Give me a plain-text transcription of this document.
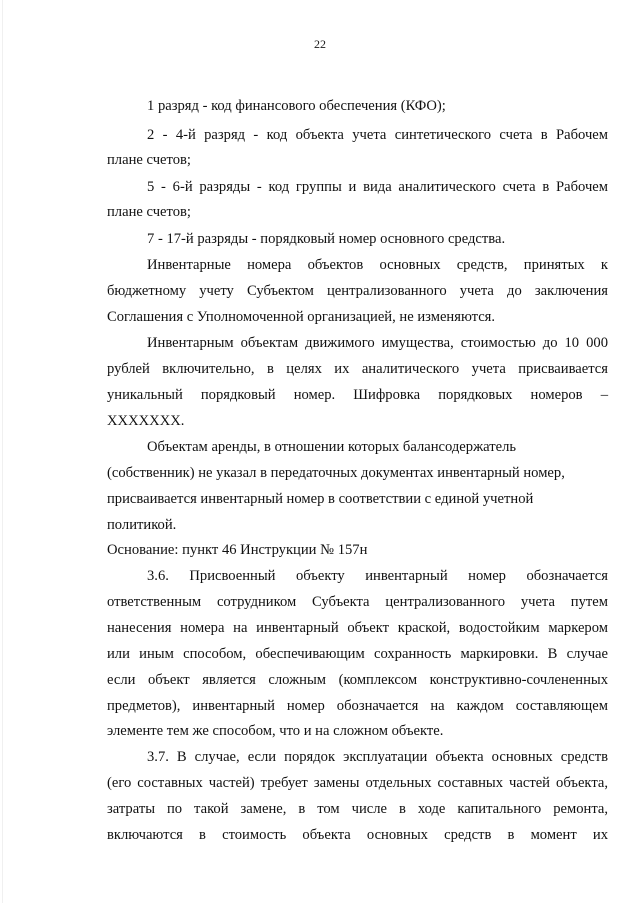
22
1 разряд - код финансового обеспечения (КФО);
2 - 4-й разряд - код объекта учета синтетического счета в Рабочем
плане счетов;
5 - 6-й разряды - код группы и вида аналитического счета в Рабочем
плане счетов;
7 - 17-й разряды - порядковый номер основного средства.
Инвентарные номера объектов основных средств, принятых к
бюджетному учету Субъектом централизованного учета до заключения
Соглашения с Уполномоченной организацией, не изменяются.
Инвентарным объектам движимого имущества, стоимостью до 10 000
рублей включительно, в целях их аналитического учета присваивается
уникальный порядковый номер. Шифровка порядковых номеров –
XXXXXXX.
Объектам аренды, в отношении которых балансодержатель
(собственник) не указал в передаточных документах инвентарный номер,
присваивается инвентарный номер в соответствии с единой учетной
политикой.
Основание: пункт 46 Инструкции № 157н
3.6. Присвоенный объекту инвентарный номер обозначается
ответственным сотрудником Субъекта централизованного учета путем
нанесения номера на инвентарный объект краской, водостойким маркером
или иным способом, обеспечивающим сохранность маркировки. В случае
если объект является сложным (комплексом конструктивно-сочлененных
предметов), инвентарный номер обозначается на каждом составляющем
элементе тем же способом, что и на сложном объекте.
3.7. В случае, если порядок эксплуатации объекта основных средств
(его составных частей) требует замены отдельных составных частей объекта,
затраты по такой замене, в том числе в ходе капитального ремонта,
включаются в стоимость объекта основных средств в момент их
